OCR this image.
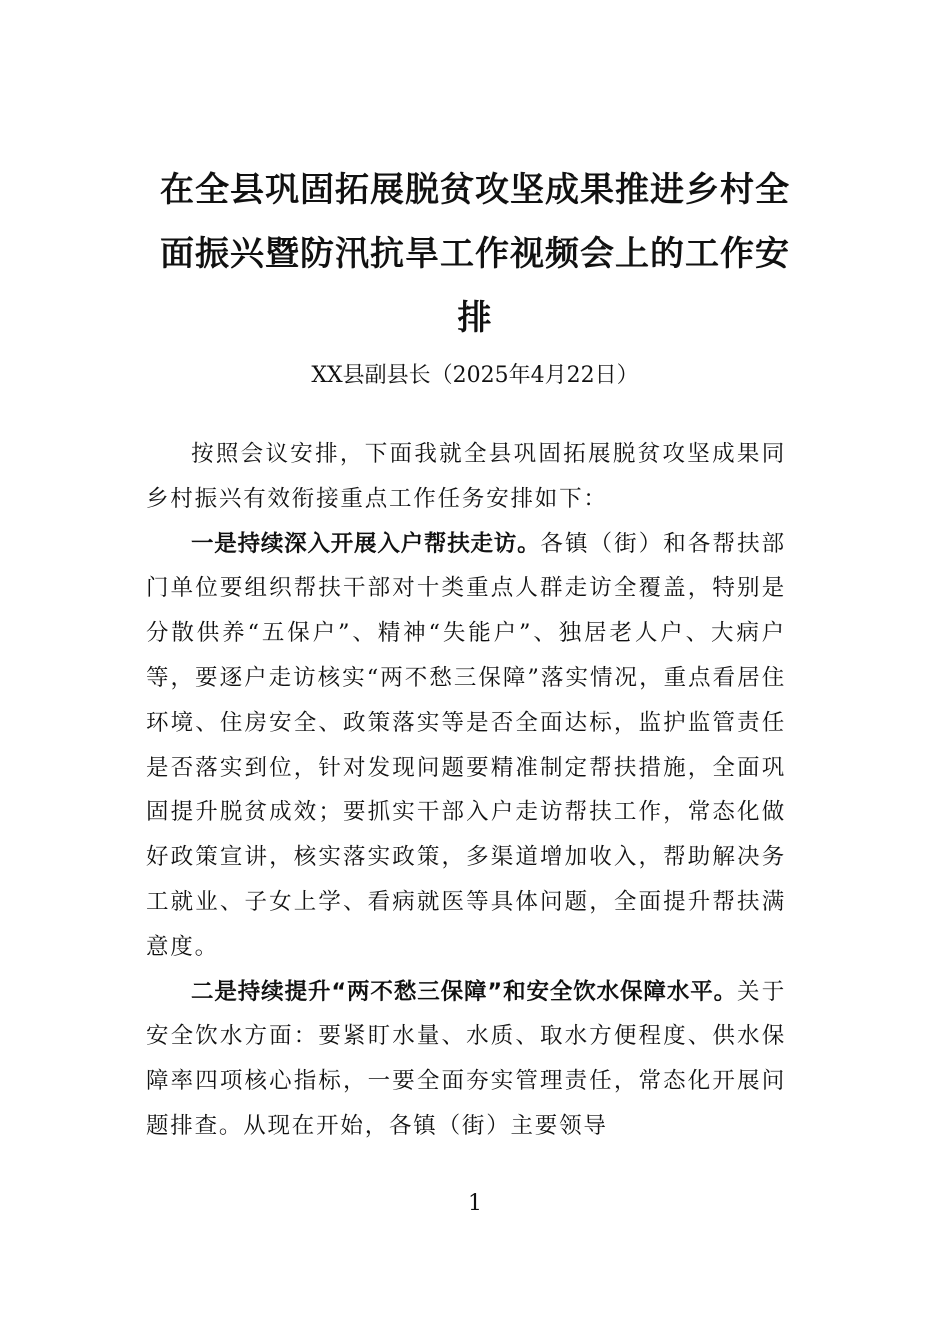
在全县巩固拓展脱贫攻坚成果推进乡村全面振兴暨防汛抗旱工作视频会上的工作安排

XX县副县长（2025年4月22日）

按照会议安排，下面我就全县巩固拓展脱贫攻坚成果同乡村振兴有效衔接重点工作任务安排如下：

一是持续深入开展入户帮扶走访。各镇（街）和各帮扶部门单位要组织帮扶干部对十类重点人群走访全覆盖，特别是分散供养“五保户”、精神“失能户”、独居老人户、大病户等，要逐户走访核实“两不愁三保障”落实情况，重点看居住环境、住房安全、政策落实等是否全面达标，监护监管责任是否落实到位，针对发现问题要精准制定帮扶措施，全面巩固提升脱贫成效；要抓实干部入户走访帮扶工作，常态化做好政策宣讲，核实落实政策，多渠道增加收入，帮助解决务工就业、子女上学、看病就医等具体问题，全面提升帮扶满意度。

二是持续提升“两不愁三保障”和安全饮水保障水平。关于安全饮水方面：要紧盯水量、水质、取水方便程度、供水保障率四项核心指标，一要全面夯实管理责任，常态化开展问题排查。从现在开始，各镇（街）主要领导

1
